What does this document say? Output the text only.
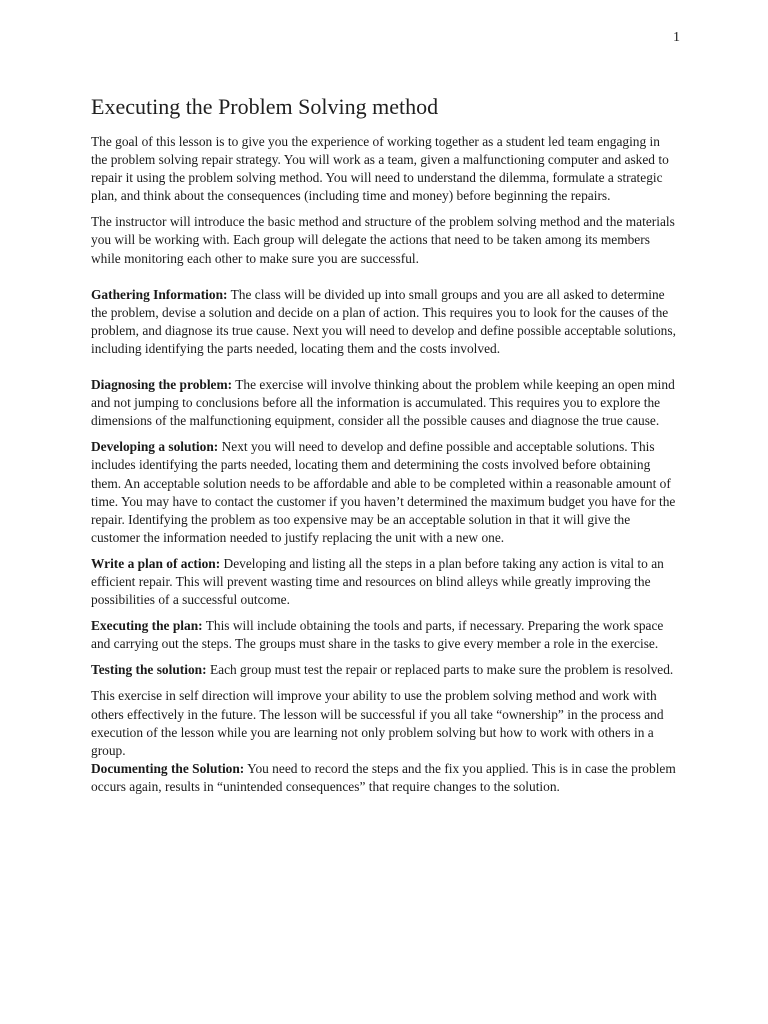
1
Executing the Problem Solving method

The goal of this lesson is to give you the experience of working together as a student led team engaging in the problem solving repair strategy. You will work as a team, given a malfunctioning computer and asked to repair it using the problem solving method. You will need to understand the dilemma, formulate a strategic plan, and think about the consequences (including time and money) before beginning the repairs.

The instructor will introduce the basic method and structure of the problem solving method and the materials you will be working with. Each group will delegate the actions that need to be taken among its members while monitoring each other to make sure you are successful.

Gathering Information: The class will be divided up into small groups and you are all asked to determine the problem, devise a solution and decide on a plan of action. This requires you to look for the causes of the problem, and diagnose its true cause. Next you will need to develop and define possible acceptable solutions, including identifying the parts needed, locating them and the costs involved.

Diagnosing the problem: The exercise will involve thinking about the problem while keeping an open mind and not jumping to conclusions before all the information is accumulated. This requires you to explore the dimensions of the malfunctioning equipment, consider all the possible causes and diagnose the true cause.

Developing a solution: Next you will need to develop and define possible and acceptable solutions. This includes identifying the parts needed, locating them and determining the costs involved before obtaining them. An acceptable solution needs to be affordable and able to be completed within a reasonable amount of time. You may have to contact the customer if you haven’t determined the maximum budget you have for the repair. Identifying the problem as too expensive may be an acceptable solution in that it will give the customer the information needed to justify replacing the unit with a new one.

Write a plan of action: Developing and listing all the steps in a plan before taking any action is vital to an efficient repair. This will prevent wasting time and resources on blind alleys while greatly improving the possibilities of a successful outcome.

Executing the plan: This will include obtaining the tools and parts, if necessary. Preparing the work space and carrying out the steps. The groups must share in the tasks to give every member a role in the exercise.

Testing the solution: Each group must test the repair or replaced parts to make sure the problem is resolved.

This exercise in self direction will improve your ability to use the problem solving method and work with others effectively in the future. The lesson will be successful if you all take “ownership” in the process and execution of the lesson while you are learning not only problem solving but how to work with others in a group.

Documenting the Solution: You need to record the steps and the fix you applied. This is in case the problem occurs again, results in “unintended consequences” that require changes to the solution.
